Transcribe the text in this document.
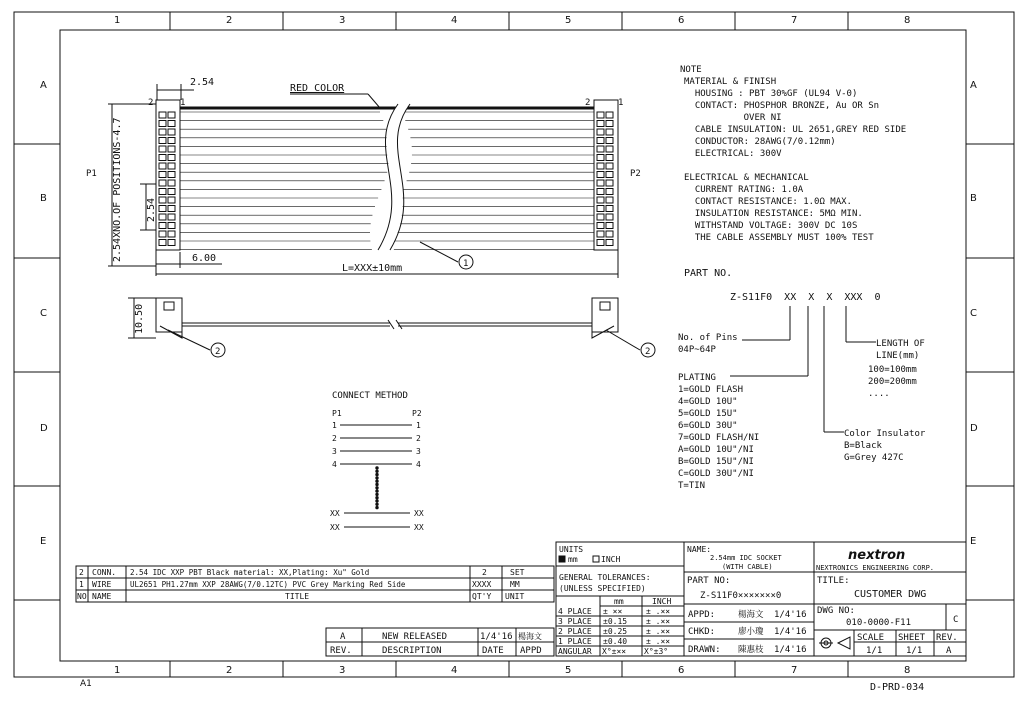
1	2	3	4	5	6	7	8
1	2	3	4	5	6	7	8
A
B
C
D
E
A
B
C
D
E
A1	D-PRD-034
2.54
2.54XNO.OF POSITIONS-4.7 2.54
6.00
L=XXX±10mm
RED COLOR
P1	P2
2	1	2	1
1
10.50
2	2
CONNECT METHOD
P1	P2
1	1
2	2
3	3
4	4
XX	XX
XX	XX
NOTE
MATERIAL & FINISH
HOUSING : PBT 30%GF (UL94 V-0)
CONTACT: PHOSPHOR BRONZE, Au OR Sn
OVER NI
CABLE INSULATION: UL 2651,GREY RED SIDE
CONDUCTOR: 28AWG(7/0.12mm)
ELECTRICAL: 300V
ELECTRICAL & MECHANICAL
CURRENT RATING: 1.0A
CONTACT RESISTANCE: 1.0Ω MAX.
INSULATION RESISTANCE: 5MΩ MIN.
WITHSTAND VOLTAGE: 300V DC 10S
THE CABLE ASSEMBLY MUST 100% TEST
PART NO.
Z-S11F0  XX  X  X  XXX  0
No. of Pins
04P~64P
PLATING
1=GOLD FLASH
4=GOLD 10U"
5=GOLD 15U"
6=GOLD 30U"
7=GOLD FLASH/NI
A=GOLD 10U"/NI
B=GOLD 15U"/NI
C=GOLD 30U"/NI
T=TIN
Color Insulator
B=Black
G=Grey 427C
LENGTH OF
LINE(mm)
100=100mm
200=200mm
....
2 CONN. 2.54 IDC XXP PBT Black material: XX,Plating: Xu" Gold	2	SET
1 WIRE UL2651 PH1.27mm XXP 28AWG(7/0.12TC) PVC Grey Marking Red Side	XXXX MM
NO NAME	TITLE	QT'Y UNIT
A	NEW RELEASED	1/4'16 楊海文
REV.	DESCRIPTION	DATE APPD
UNITS
mm	INCH
GENERAL TOLERANCES:
(UNLESS SPECIFIED)
mm	INCH
4 PLACE ± ××	± .××
3 PLACE ±0.15 ± .××
2 PLACE ±0.25 ± .××
1 PLACE ±0.40 ± .××
ANGULAR X°±×× X°±3°
NAME:
2.54mm IDC SOCKET
(WITH CABLE)
nextron
NEXTRONICS ENGINEERING CORP.
PART NO:
Z-S11F0×××××××0
TITLE:
CUSTOMER DWG
APPD:	楊海文 1/4'16
CHKD:	廖小瓊 1/4'16
DRAWN: 陳惠枝 1/4'16
DWG NO:
010-0000-F11	C
SCALE SHEET REV.
1/1	1/1	A
